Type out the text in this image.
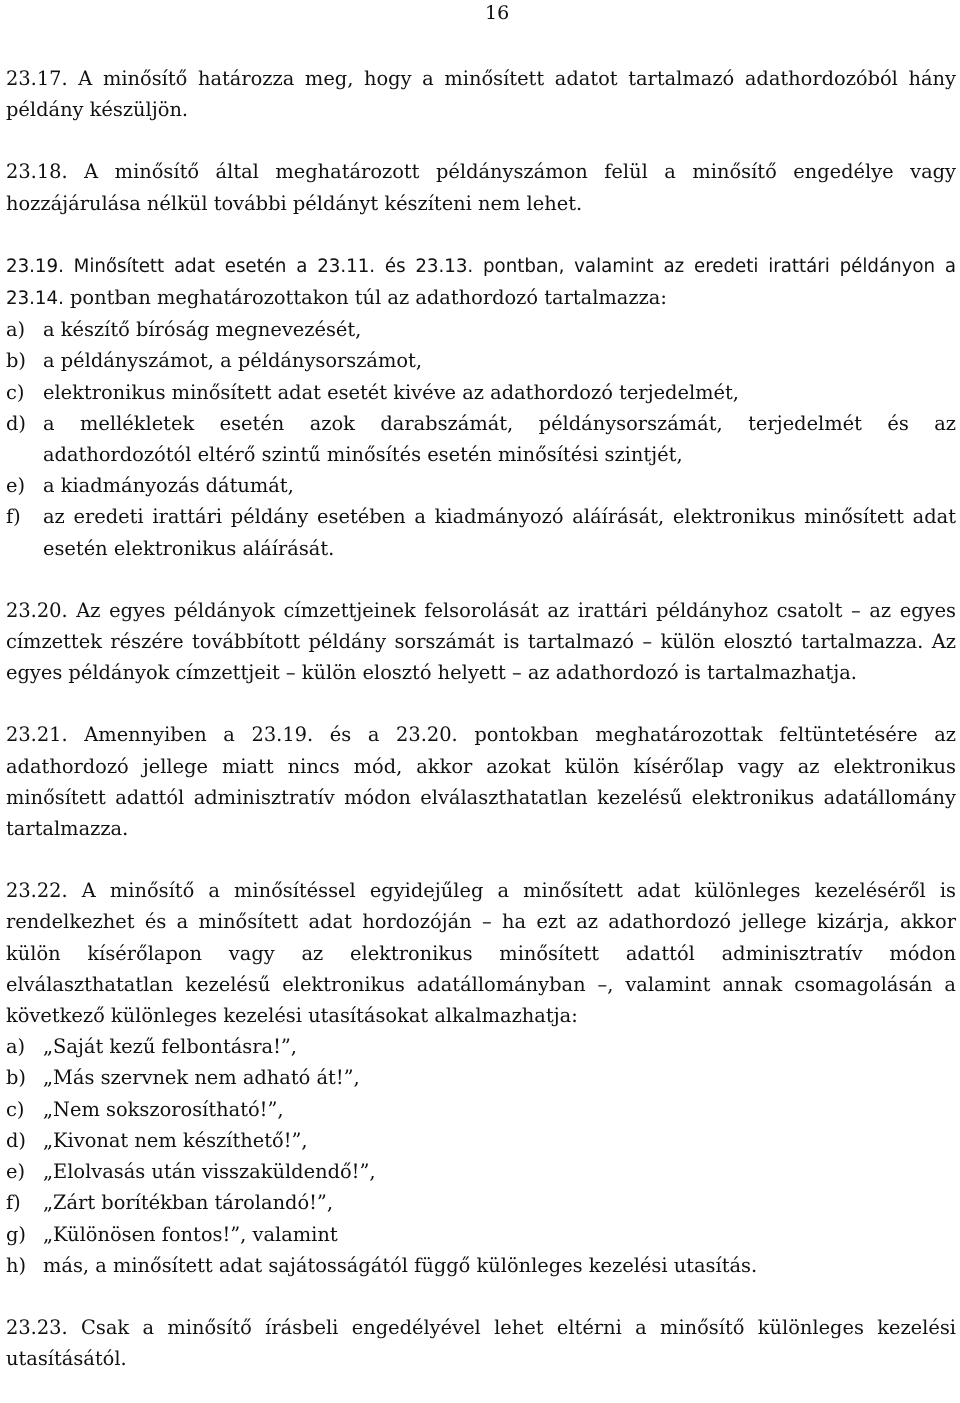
16

23.17. A minősítő határozza meg, hogy a minősített adatot tartalmazó adathordozóból hány példány készüljön.

23.18. A minősítő által meghatározott példányszámon felül a minősítő engedélye vagy hozzájárulása nélkül további példányt készíteni nem lehet.

23.19. Minősített adat esetén a 23.11. és 23.13. pontban, valamint az eredeti irattári példányon a 23.14. pontban meghatározottakon túl az adathordozó tartalmazza:

a) a készítő bíróság megnevezését,
b) a példányszámot, a példánysorszámot,
c) elektronikus minősített adat esetét kivéve az adathordozó terjedelmét,
d) a mellékletek esetén azok darabszámát, példánysorszámát, terjedelmét és az adathordozótól eltérő szintű minősítés esetén minősítési szintjét,
e) a kiadmányozás dátumát,
f)	az eredeti irattári példány esetében a kiadmányozó aláírását, elektronikus minősített adat esetén elektronikus aláírását.

23.20. Az egyes példányok címzettjeinek felsorolását az irattári példányhoz csatolt – az egyes címzettek részére továbbított példány sorszámát is tartalmazó – külön elosztó tartalmazza. Az egyes példányok címzettjeit – külön elosztó helyett – az adathordozó is tartalmazhatja.

23.21. Amennyiben a 23.19. és a 23.20. pontokban meghatározottak feltüntetésére az adathordozó jellege miatt nincs mód, akkor azokat külön kísérőlap vagy az elektronikus minősített adattól adminisztratív módon elválaszthatatlan kezelésű elektronikus adatállomány tartalmazza.

23.22. A minősítő a minősítéssel egyidejűleg a minősített adat különleges kezeléséről is rendelkezhet és a minősített adat hordozóján – ha ezt az adathordozó jellege kizárja, akkor külön kísérőlapon vagy az elektronikus minősített adattól adminisztratív módon elválaszthatatlan kezelésű elektronikus adatállományban –, valamint annak csomagolásán a következő különleges kezelési utasításokat alkalmazhatja:

a) „Saját kezű felbontásra!”,
b) „Más szervnek nem adható át!”,
c) „Nem sokszorosítható!”,
d) „Kivonat nem készíthető!”,
e) „Elolvasás után visszaküldendő!”,
f)	„Zárt borítékban tárolandó!”,
g) „Különösen fontos!”, valamint
h) más, a minősített adat sajátosságától függő különleges kezelési utasítás.

23.23. Csak a minősítő írásbeli engedélyével lehet eltérni a minősítő különleges kezelési utasításától.
